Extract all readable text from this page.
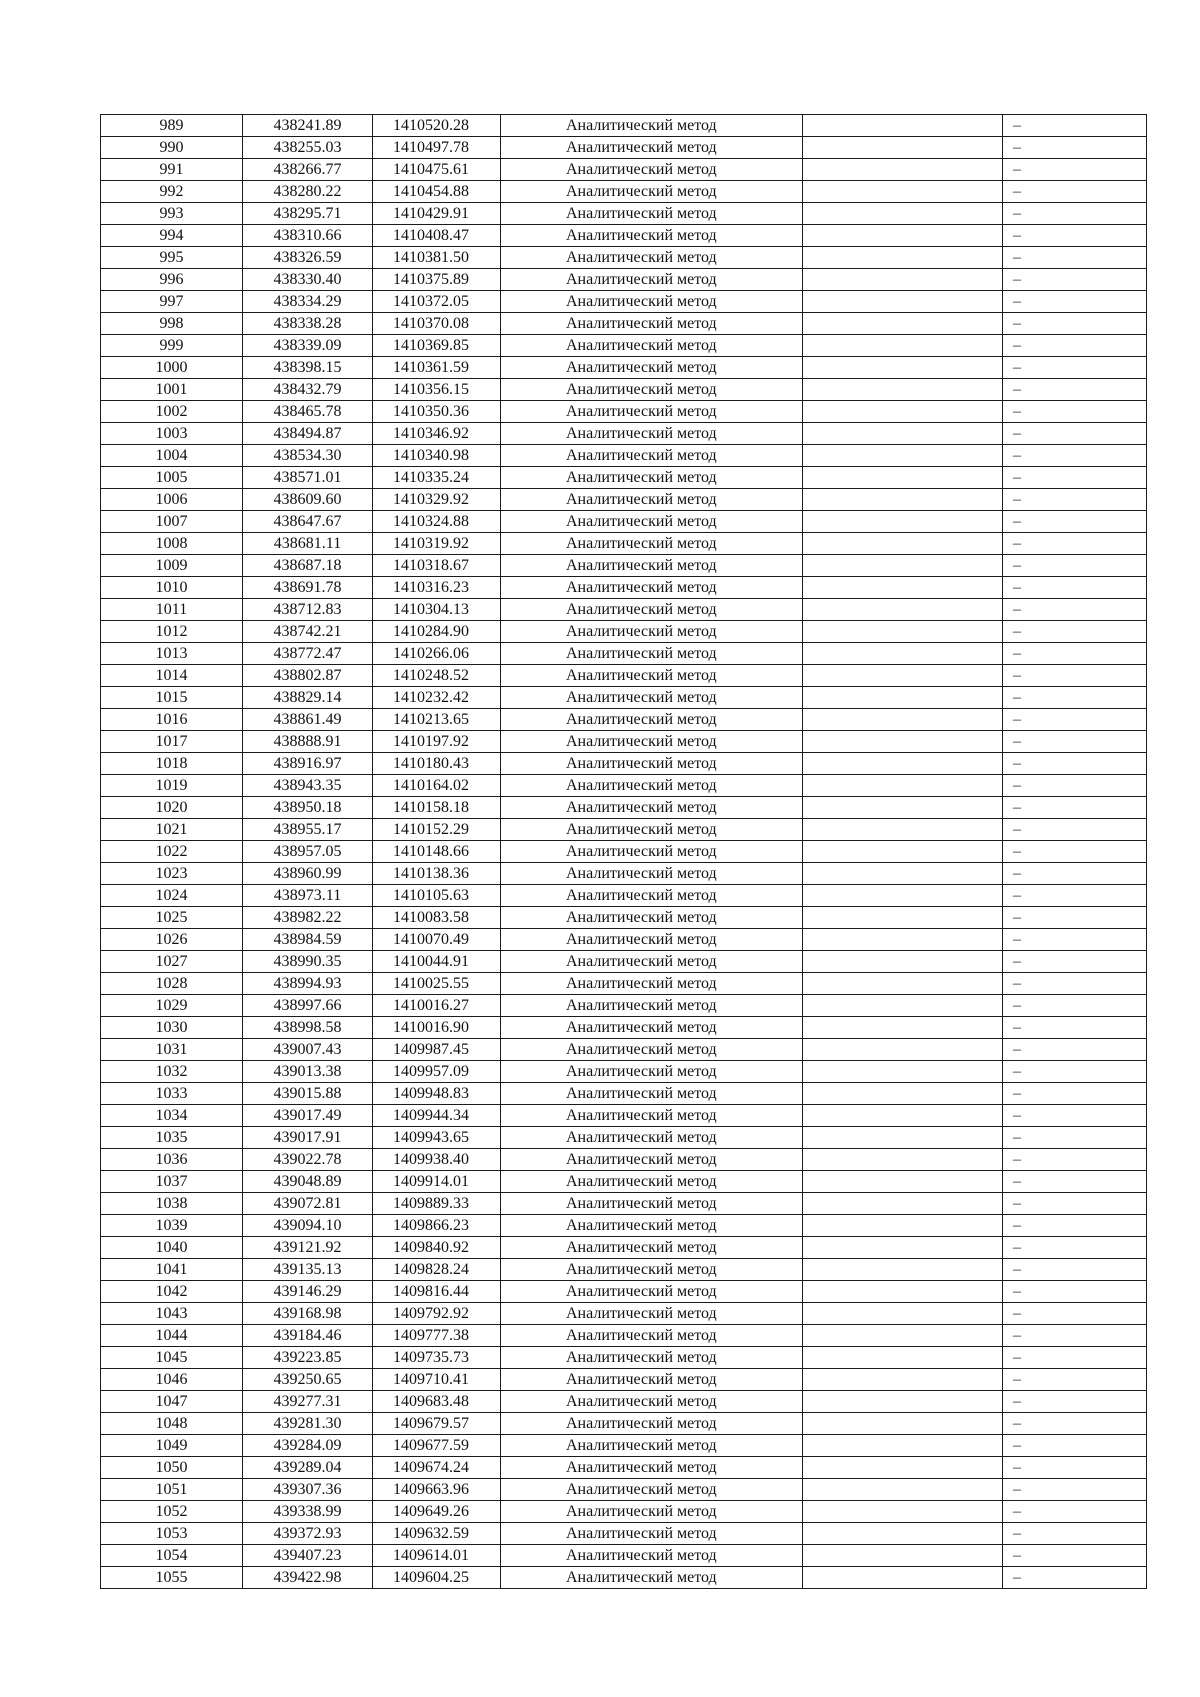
989	438241.89	1410520.28	Аналитический метод		–
990	438255.03	1410497.78	Аналитический метод		–
991	438266.77	1410475.61	Аналитический метод		–
992	438280.22	1410454.88	Аналитический метод		–
993	438295.71	1410429.91	Аналитический метод		–
994	438310.66	1410408.47	Аналитический метод		–
995	438326.59	1410381.50	Аналитический метод		–
996	438330.40	1410375.89	Аналитический метод		–
997	438334.29	1410372.05	Аналитический метод		–
998	438338.28	1410370.08	Аналитический метод		–
999	438339.09	1410369.85	Аналитический метод		–
1000	438398.15	1410361.59	Аналитический метод		–
1001	438432.79	1410356.15	Аналитический метод		–
1002	438465.78	1410350.36	Аналитический метод		–
1003	438494.87	1410346.92	Аналитический метод		–
1004	438534.30	1410340.98	Аналитический метод		–
1005	438571.01	1410335.24	Аналитический метод		–
1006	438609.60	1410329.92	Аналитический метод		–
1007	438647.67	1410324.88	Аналитический метод		–
1008	438681.11	1410319.92	Аналитический метод		–
1009	438687.18	1410318.67	Аналитический метод		–
1010	438691.78	1410316.23	Аналитический метод		–
1011	438712.83	1410304.13	Аналитический метод		–
1012	438742.21	1410284.90	Аналитический метод		–
1013	438772.47	1410266.06	Аналитический метод		–
1014	438802.87	1410248.52	Аналитический метод		–
1015	438829.14	1410232.42	Аналитический метод		–
1016	438861.49	1410213.65	Аналитический метод		–
1017	438888.91	1410197.92	Аналитический метод		–
1018	438916.97	1410180.43	Аналитический метод		–
1019	438943.35	1410164.02	Аналитический метод		–
1020	438950.18	1410158.18	Аналитический метод		–
1021	438955.17	1410152.29	Аналитический метод		–
1022	438957.05	1410148.66	Аналитический метод		–
1023	438960.99	1410138.36	Аналитический метод		–
1024	438973.11	1410105.63	Аналитический метод		–
1025	438982.22	1410083.58	Аналитический метод		–
1026	438984.59	1410070.49	Аналитический метод		–
1027	438990.35	1410044.91	Аналитический метод		–
1028	438994.93	1410025.55	Аналитический метод		–
1029	438997.66	1410016.27	Аналитический метод		–
1030	438998.58	1410016.90	Аналитический метод		–
1031	439007.43	1409987.45	Аналитический метод		–
1032	439013.38	1409957.09	Аналитический метод		–
1033	439015.88	1409948.83	Аналитический метод		–
1034	439017.49	1409944.34	Аналитический метод		–
1035	439017.91	1409943.65	Аналитический метод		–
1036	439022.78	1409938.40	Аналитический метод		–
1037	439048.89	1409914.01	Аналитический метод		–
1038	439072.81	1409889.33	Аналитический метод		–
1039	439094.10	1409866.23	Аналитический метод		–
1040	439121.92	1409840.92	Аналитический метод		–
1041	439135.13	1409828.24	Аналитический метод		–
1042	439146.29	1409816.44	Аналитический метод		–
1043	439168.98	1409792.92	Аналитический метод		–
1044	439184.46	1409777.38	Аналитический метод		–
1045	439223.85	1409735.73	Аналитический метод		–
1046	439250.65	1409710.41	Аналитический метод		–
1047	439277.31	1409683.48	Аналитический метод		–
1048	439281.30	1409679.57	Аналитический метод		–
1049	439284.09	1409677.59	Аналитический метод		–
1050	439289.04	1409674.24	Аналитический метод		–
1051	439307.36	1409663.96	Аналитический метод		–
1052	439338.99	1409649.26	Аналитический метод		–
1053	439372.93	1409632.59	Аналитический метод		–
1054	439407.23	1409614.01	Аналитический метод		–
1055	439422.98	1409604.25	Аналитический метод		–
